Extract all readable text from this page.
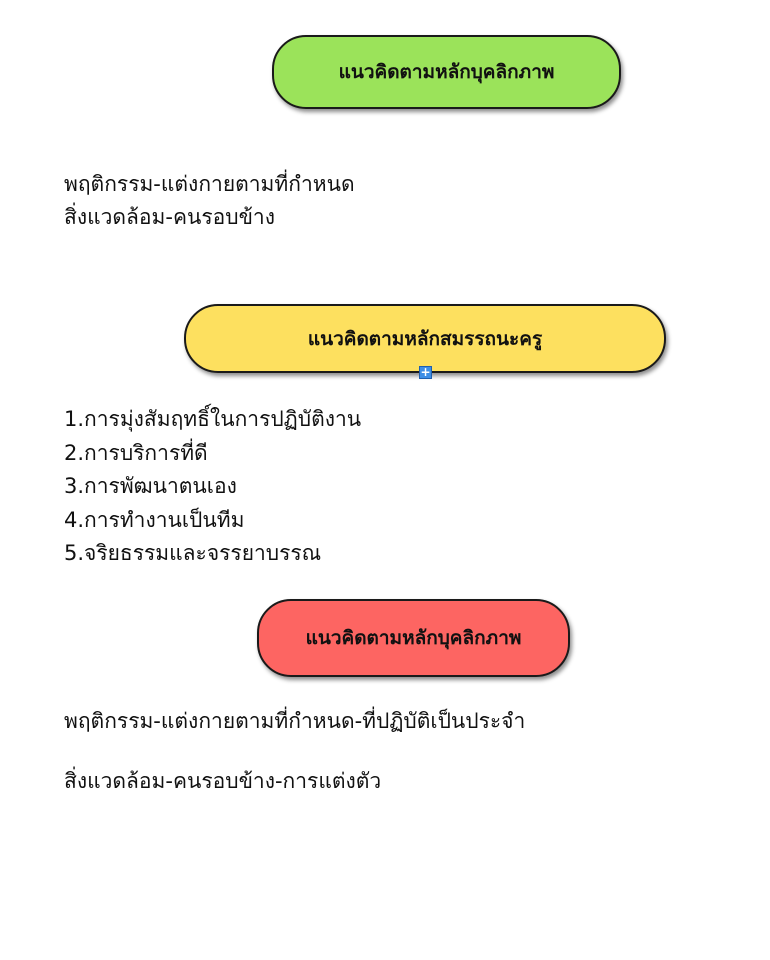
แนวคิดตามหลักบุคลิกภาพ
พฤติกรรม-แต่งกายตามที่กำหนด
สิ่งแวดล้อม-คนรอบข้าง
แนวคิดตามหลักสมรรถนะครู
+
1.การมุ่งสัมฤทธิ์ในการปฏิบัติงาน
2.การบริการที่ดี
3.การพัฒนาตนเอง
4.การทำงานเป็นทีม
5.จริยธรรมและจรรยาบรรณ
แนวคิดตามหลักบุคลิกภาพ
พฤติกรรม-แต่งกายตามที่กำหนด-ที่ปฏิบัติเป็นประจำ
สิ่งแวดล้อม-คนรอบข้าง-การแต่งตัว
